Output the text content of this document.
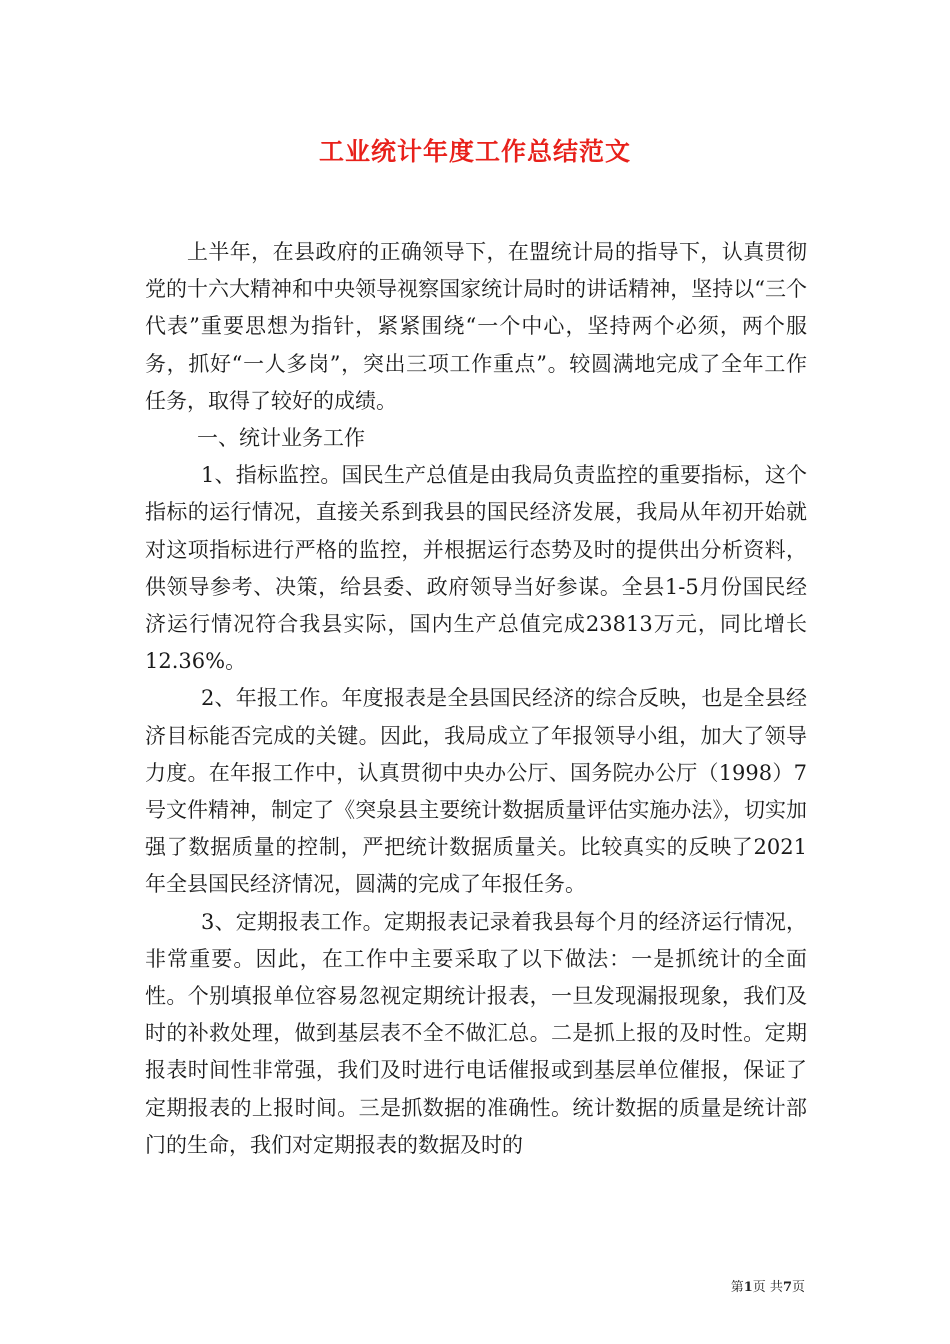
工业统计年度工作总结范文

上半年，在县政府的正确领导下，在盟统计局的指导下，认真贯彻党的十六大精神和中央领导视察国家统计局时的讲话精神，坚持以“三个代表”重要思想为指针，紧紧围绕“一个中心，坚持两个必须，两个服务，抓好“一人多岗”，突出三项工作重点”。较圆满地完成了全年工作任务，取得了较好的成绩。

一、统计业务工作

1、指标监控。国民生产总值是由我局负责监控的重要指标，这个指标的运行情况，直接关系到我县的国民经济发展，我局从年初开始就对这项指标进行严格的监控，并根据运行态势及时的提供出分析资料，供领导参考、决策，给县委、政府领导当好参谋。全县1-5月份国民经济运行情况符合我县实际，国内生产总值完成23813万元，同比增长12.36%。

2、年报工作。年度报表是全县国民经济的综合反映，也是全县经济目标能否完成的关键。因此，我局成立了年报领导小组，加大了领导力度。在年报工作中，认真贯彻中央办公厅、国务院办公厅（1998）7号文件精神，制定了《突泉县主要统计数据质量评估实施办法》，切实加强了数据质量的控制，严把统计数据质量关。比较真实的反映了2021年全县国民经济情况，圆满的完成了年报任务。

3、定期报表工作。定期报表记录着我县每个月的经济运行情况，非常重要。因此，在工作中主要采取了以下做法：一是抓统计的全面性。个别填报单位容易忽视定期统计报表，一旦发现漏报现象，我们及时的补救处理，做到基层表不全不做汇总。二是抓上报的及时性。定期报表时间性非常强，我们及时进行电话催报或到基层单位催报，保证了定期报表的上报时间。三是抓数据的准确性。统计数据的质量是统计部门的生命，我们对定期报表的数据及时的

第1页 共7页
